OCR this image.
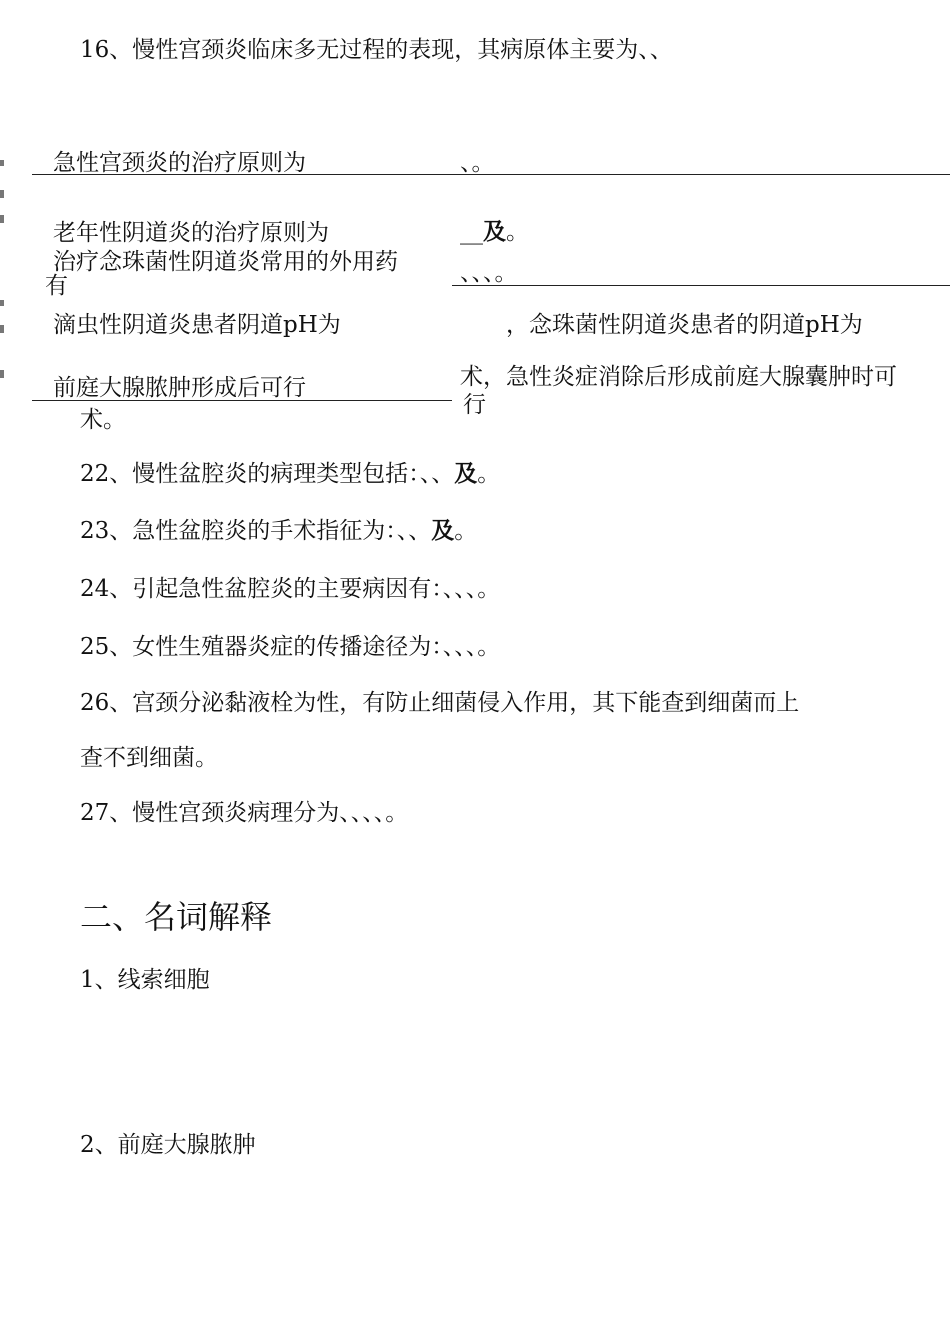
16、慢性宫颈炎临床多无过程的表现，其病原体主要为、、
急性宫颈炎的治疗原则为	、。
老年性阴道炎的治疗原则为	__及。
治疗念珠菌性阴道炎常用的外用药
有	、、、。
滴虫性阴道炎患者阴道pH为	，念珠菌性阴道炎患者的阴道pH为
前庭大腺脓肿形成后可行	术，急性炎症消除后形成前庭大腺囊肿时可
行
术。
22、慢性盆腔炎的病理类型包括：、、及。
23、急性盆腔炎的手术指征为：、、及。
24、引起急性盆腔炎的主要病因有：、、、。
25、女性生殖器炎症的传播途径为：、、、。
26、宫颈分泌黏液栓为性，有防止细菌侵入作用，其下能查到细菌而上
查不到细菌。
27、慢性宫颈炎病理分为、、、、。
二、名词解释
1、线索细胞
2、前庭大腺脓肿
